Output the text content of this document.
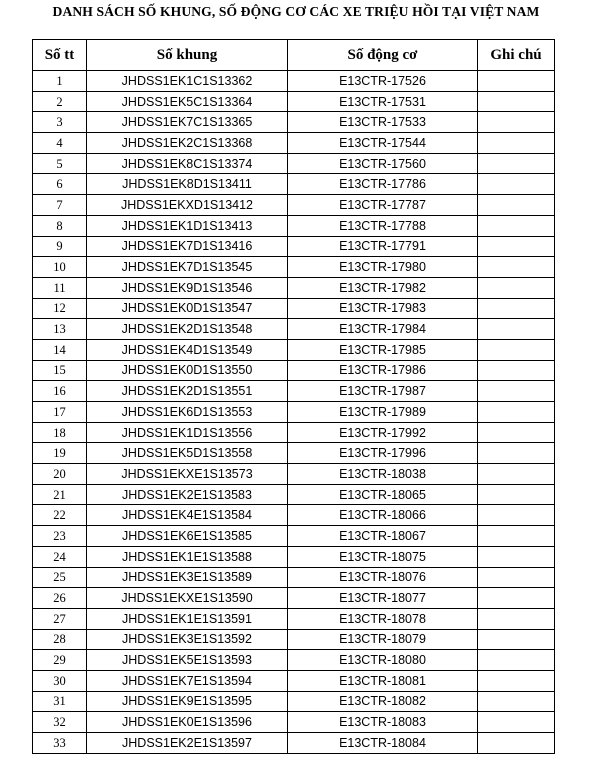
DANH SÁCH SỐ KHUNG, SỐ ĐỘNG CƠ CÁC XE TRIỆU HỒI TẠI VIỆT NAM
Số tt	Số khung	Số động cơ	Ghi chú
1	JHDSS1EK1C1S13362	E13CTR-17526	
2	JHDSS1EK5C1S13364	E13CTR-17531	
3	JHDSS1EK7C1S13365	E13CTR-17533	
4	JHDSS1EK2C1S13368	E13CTR-17544	
5	JHDSS1EK8C1S13374	E13CTR-17560	
6	JHDSS1EK8D1S13411	E13CTR-17786	
7	JHDSS1EKXD1S13412	E13CTR-17787	
8	JHDSS1EK1D1S13413	E13CTR-17788	
9	JHDSS1EK7D1S13416	E13CTR-17791	
10	JHDSS1EK7D1S13545	E13CTR-17980	
11	JHDSS1EK9D1S13546	E13CTR-17982	
12	JHDSS1EK0D1S13547	E13CTR-17983	
13	JHDSS1EK2D1S13548	E13CTR-17984	
14	JHDSS1EK4D1S13549	E13CTR-17985	
15	JHDSS1EK0D1S13550	E13CTR-17986	
16	JHDSS1EK2D1S13551	E13CTR-17987	
17	JHDSS1EK6D1S13553	E13CTR-17989	
18	JHDSS1EK1D1S13556	E13CTR-17992	
19	JHDSS1EK5D1S13558	E13CTR-17996	
20	JHDSS1EKXE1S13573	E13CTR-18038	
21	JHDSS1EK2E1S13583	E13CTR-18065	
22	JHDSS1EK4E1S13584	E13CTR-18066	
23	JHDSS1EK6E1S13585	E13CTR-18067	
24	JHDSS1EK1E1S13588	E13CTR-18075	
25	JHDSS1EK3E1S13589	E13CTR-18076	
26	JHDSS1EKXE1S13590	E13CTR-18077	
27	JHDSS1EK1E1S13591	E13CTR-18078	
28	JHDSS1EK3E1S13592	E13CTR-18079	
29	JHDSS1EK5E1S13593	E13CTR-18080	
30	JHDSS1EK7E1S13594	E13CTR-18081	
31	JHDSS1EK9E1S13595	E13CTR-18082	
32	JHDSS1EK0E1S13596	E13CTR-18083	
33	JHDSS1EK2E1S13597	E13CTR-18084	
